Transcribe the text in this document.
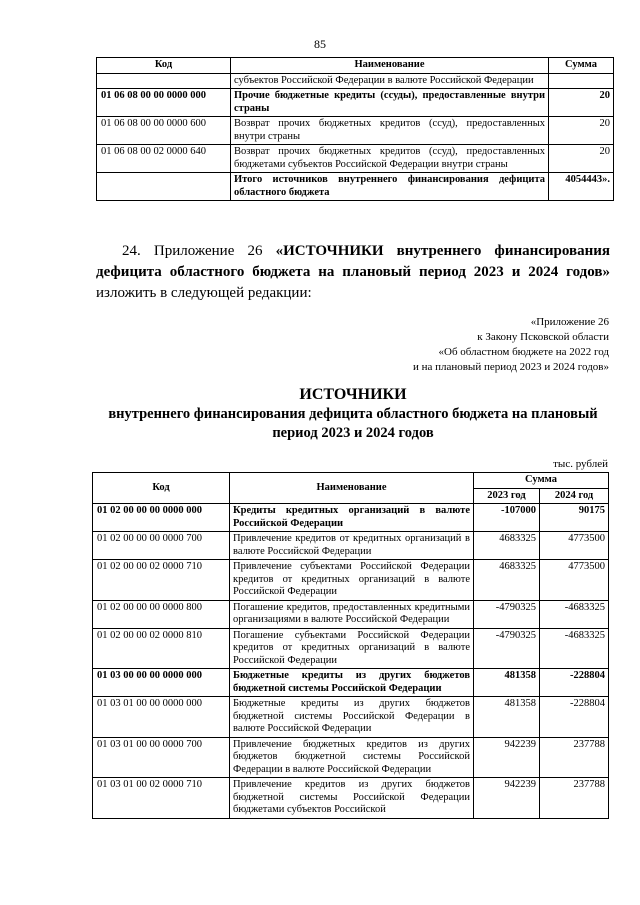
85
Код	Наименование	Сумма
	субъектов Российской Федерации в валюте Российской Федерации	
01 06 08 00 00 0000 000	Прочие бюджетные кредиты (ссуды), предоставленные внутри страны	20
01 06 08 00 00 0000 600	Возврат прочих бюджетных кредитов (ссуд), предоставленных внутри страны	20
01 06 08 00 02 0000 640	Возврат прочих бюджетных кредитов (ссуд), предоставленных бюджетами субъектов Российской Федерации внутри страны	20
	Итого источников внутреннего финансирования дефицита областного бюджета	4054443».
24. Приложение 26 «ИСТОЧНИКИ внутреннего финансирования дефицита областного бюджета на плановый период 2023 и 2024 годов» изложить в следующей редакции:
«Приложение 26
к Закону Псковской области
«Об областном бюджете на 2022 год
и на плановый период 2023 и 2024 годов»
ИСТОЧНИКИ
внутреннего финансирования дефицита областного бюджета на плановый период 2023 и 2024 годов
тыс. рублей
Код	Наименование	Сумма	
		2023 год	2024 год
01 02 00 00 00 0000 000	Кредиты кредитных организаций в валюте Российской Федерации	-107000	90175
01 02 00 00 00 0000 700	Привлечение кредитов от кредитных организаций в валюте Российской Федерации	4683325	4773500
01 02 00 00 02 0000 710	Привлечение субъектами Российской Федерации кредитов от кредитных организаций в валюте Российской Федерации	4683325	4773500
01 02 00 00 00 0000 800	Погашение кредитов, предоставленных кредитными организациями в валюте Российской Федерации	-4790325	-4683325
01 02 00 00 02 0000 810	Погашение субъектами Российской Федерации кредитов от кредитных организаций в валюте Российской Федерации	-4790325	-4683325
01 03 00 00 00 0000 000	Бюджетные кредиты из других бюджетов бюджетной системы Российской Федерации	481358	-228804
01 03 01 00 00 0000 000	Бюджетные кредиты из других бюджетов бюджетной системы Российской Федерации в валюте Российской Федерации	481358	-228804
01 03 01 00 00 0000 700	Привлечение бюджетных кредитов из других бюджетов бюджетной системы Российской Федерации в валюте Российской Федерации	942239	237788
01 03 01 00 02 0000 710	Привлечение кредитов из других бюджетов бюджетной системы Российской Федерации бюджетами субъектов Российской	942239	237788
